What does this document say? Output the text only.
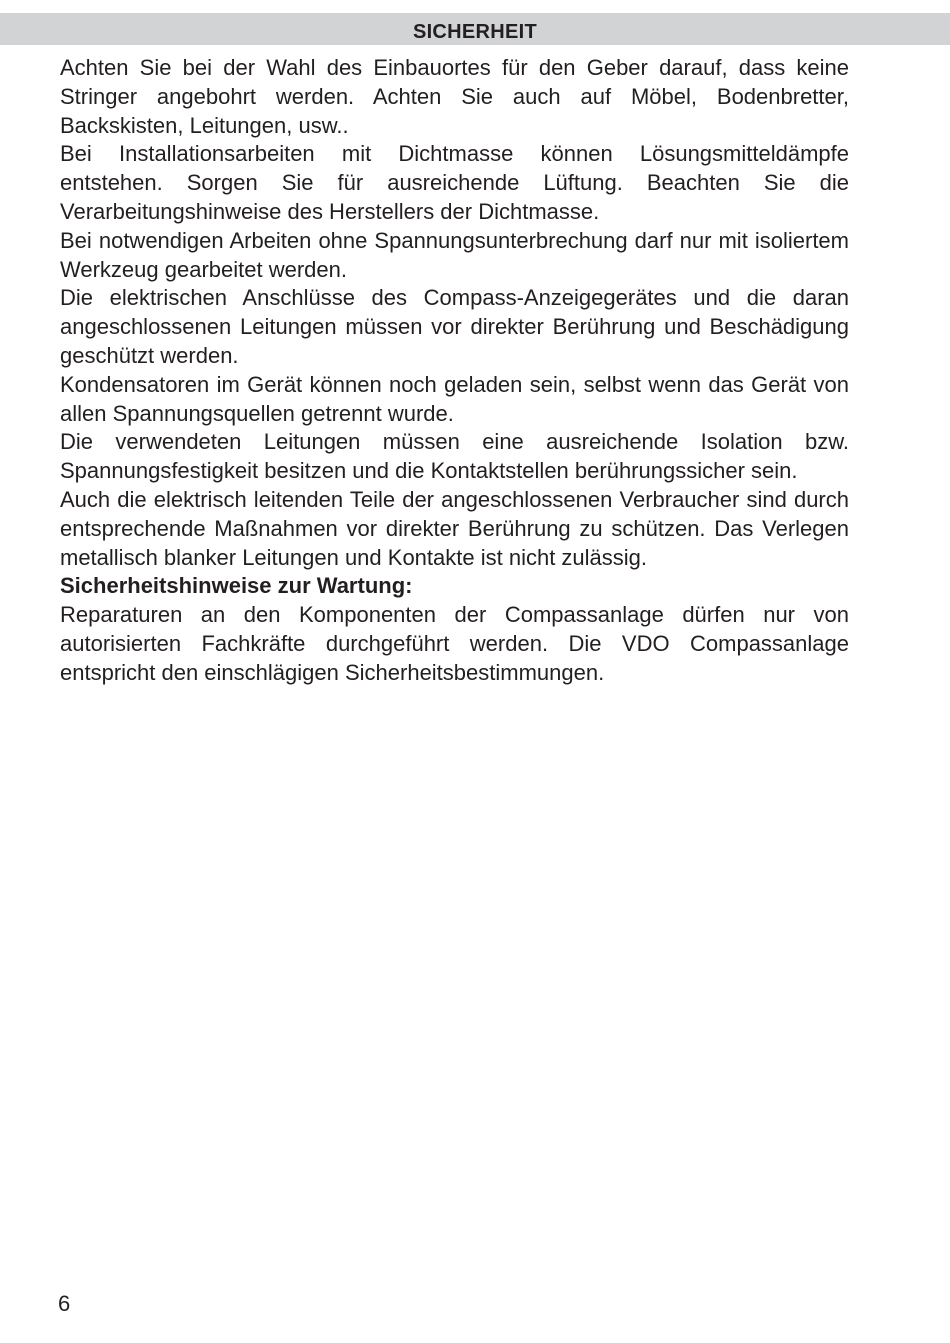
SICHERHEIT

Achten Sie bei der Wahl des Einbauortes für den Geber darauf, dass keine Stringer angebohrt werden. Achten Sie auch auf Möbel, Bodenbretter, Backskisten, Leitungen, usw..

Bei Installationsarbeiten mit Dichtmasse können Lösungsmitteldämpfe entstehen. Sorgen Sie für ausreichende Lüftung. Beachten Sie die Verarbeitungshinweise des Herstellers der Dichtmasse.

Bei notwendigen Arbeiten ohne Spannungsunterbrechung darf nur mit isoliertem Werkzeug gearbeitet werden.

Die elektrischen Anschlüsse des Compass-Anzeigegerätes und die daran angeschlossenen Leitungen müssen vor direkter Berührung und Beschädigung geschützt werden.

Kondensatoren im Gerät können noch geladen sein, selbst wenn das Gerät von allen Spannungsquellen getrennt wurde.

Die verwendeten Leitungen müssen eine ausreichende Isolation bzw. Spannungsfestigkeit besitzen und die Kontaktstellen berührungssicher sein.

Auch die elektrisch leitenden Teile der angeschlossenen Verbraucher sind durch entsprechende Maßnahmen vor direkter Berührung zu schützen. Das Verlegen metallisch blanker Leitungen und Kontakte ist nicht zulässig.

Sicherheitshinweise zur Wartung:

Reparaturen an den Komponenten der Compassanlage dürfen nur von autorisierten Fachkräfte durchgeführt werden. Die VDO Compassanlage entspricht den einschlägigen Sicherheitsbestimmungen.

6
